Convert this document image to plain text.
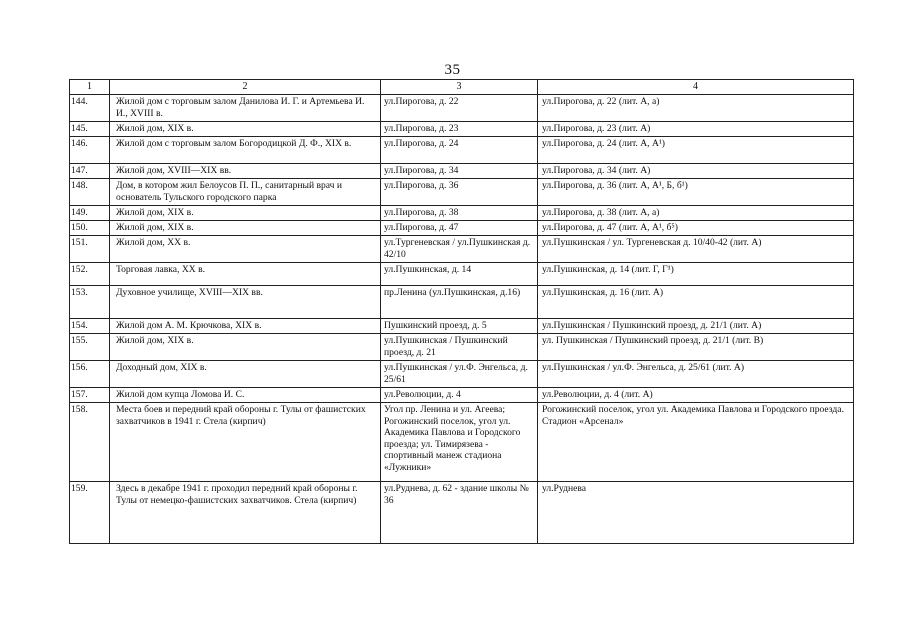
35
1	2	3	4
144.	Жилой дом с торговым залом Данилова И. Г. и Артемьева И. И., XVIII в.	ул.Пирогова, д. 22	ул.Пирогова, д. 22 (лит. А, а)
145.	Жилой дом, XIX в.	ул.Пирогова, д. 23	ул.Пирогова, д. 23 (лит. А)
146.	Жилой дом с торговым залом Богородицкой Д. Ф., XIX в.	ул.Пирогова, д. 24	ул.Пирогова, д. 24 (лит. А, А¹)
147.	Жилой дом, XVIII—XIX вв.	ул.Пирогова, д. 34	ул.Пирогова, д. 34 (лит. А)
148.	Дом, в котором жил Белоусов П. П., санитарный врач и основатель Тульского городского парка	ул.Пирогова, д. 36	ул.Пирогова, д. 36 (лит. А, А¹, Б, б¹)
149.	Жилой дом, XIX в.	ул.Пирогова, д. 38	ул.Пирогова, д. 38 (лит. А, а)
150.	Жилой дом, XIX в.	ул.Пирогова, д. 47	ул.Пирогова, д. 47 (лит. А, А¹, б⁵)
151.	Жилой дом, XX в.	ул.Тургеневская / ул.Пушкинская д. 42/10	ул.Пушкинская / ул. Тургеневская д. 10/40-42 (лит. А)
152.	Торговая лавка, XX в.	ул.Пушкинская, д. 14	ул.Пушкинская, д. 14 (лит. Г, Г¹)
153.	Духовное училище, XVIII—XIX вв.	пр.Ленина (ул.Пушкинская, д.16)	ул.Пушкинская, д. 16 (лит. А)
154.	Жилой дом А. М. Крючкова, XIX в.	Пушкинский проезд, д. 5	ул.Пушкинская / Пушкинский проезд, д. 21/1 (лит. А)
155.	Жилой дом, XIX в.	ул.Пушкинская / Пушкинский проезд, д. 21	ул. Пушкинская / Пушкинский проезд, д. 21/1 (лит. В)
156.	Доходный дом, XIX в.	ул.Пушкинская / ул.Ф. Энгельса, д. 25/61	ул.Пушкинская / ул.Ф. Энгельса, д. 25/61 (лит. А)
157.	Жилой дом купца Ломова И. С.	ул.Революции, д. 4	ул.Революции, д. 4 (лит. А)
158.	Места боев и передний край обороны г. Тулы от фашистских захватчиков в 1941 г. Стела (кирпич)	Угол пр. Ленина и ул. Агеева; Рогожинский поселок, угол ул. Академика Павлова и Городского проезда; ул. Тимирязева - спортивный манеж стадиона «Лужники»	Рогожинский поселок, угол ул. Академика Павлова и Городского проезда. Стадион «Арсенал»
159.	Здесь в декабре 1941 г. проходил передний край обороны г. Тулы от немецко-фашистских захватчиков. Стела (кирпич)	ул.Руднева, д. 62 - здание школы № 36	ул.Руднева
